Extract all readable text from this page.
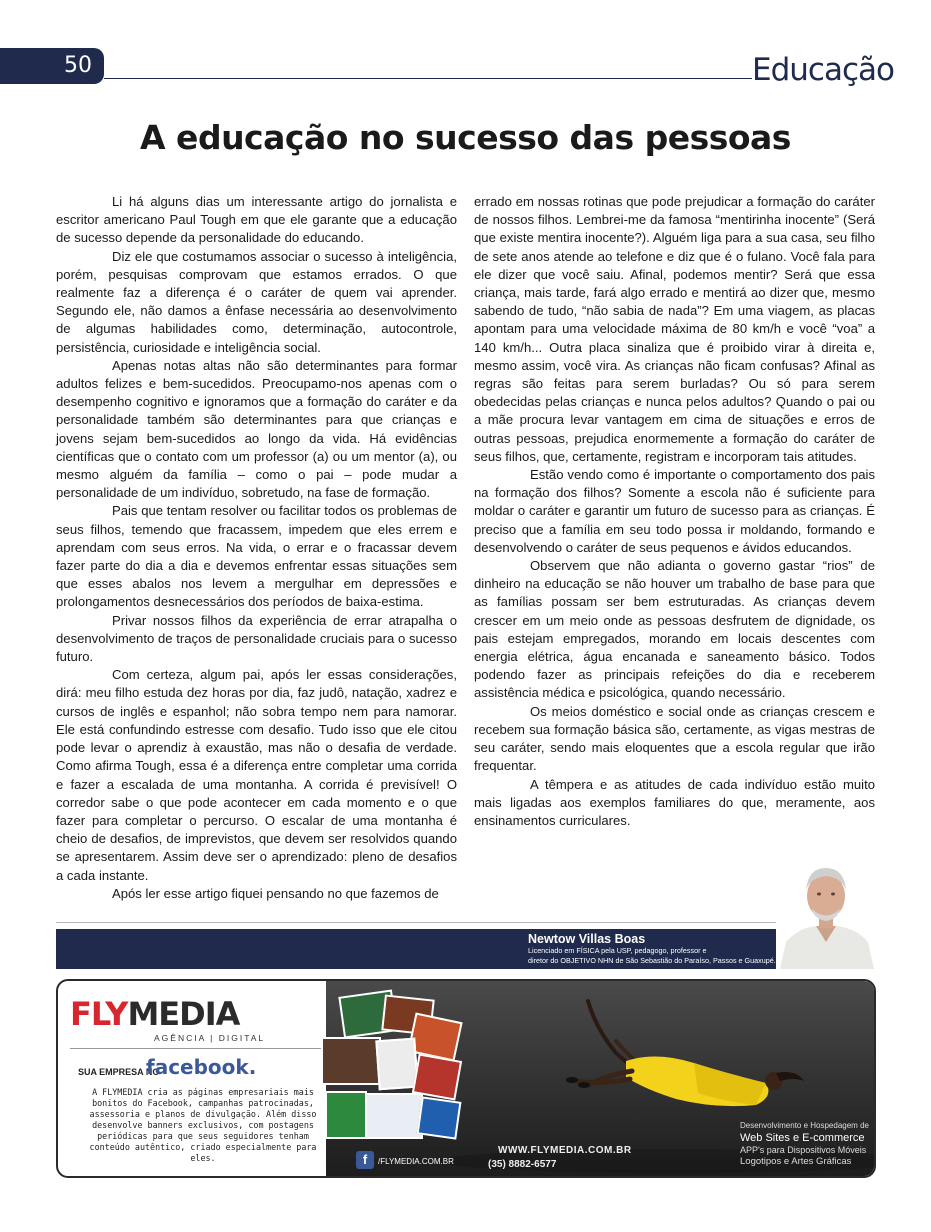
50	Educação
A educação no sucesso das pessoas

Li há alguns dias um interessante artigo do jornalista e escritor americano Paul Tough em que ele garante que a educação de sucesso depende da personalidade do educando.

Diz ele que costumamos associar o sucesso à inteligência, porém, pesquisas comprovam que estamos errados. O que realmente faz a diferença é o caráter de quem vai aprender. Segundo ele, não damos a ênfase necessária ao desenvolvimento de algumas habilidades como, determinação, autocontrole, persistência, curiosidade e inteligência social.

Apenas notas altas não são determinantes para formar adultos felizes e bem-sucedidos. Preocupamo-nos apenas com o desempenho cognitivo e ignoramos que a formação do caráter e da personalidade também são determinantes para que crianças e jovens sejam bem-sucedidos ao longo da vida. Há evidências científicas que o contato com um professor (a) ou um mentor (a), ou mesmo alguém da família – como o pai – pode mudar a personalidade de um indivíduo, sobretudo, na fase de formação.

Pais que tentam resolver ou facilitar todos os problemas de seus filhos, temendo que fracassem, impedem que eles errem e aprendam com seus erros. Na vida, o errar e o fracassar devem fazer parte do dia a dia e devemos enfrentar essas situações sem que esses abalos nos levem a mergulhar em depressões e prolongamentos desnecessários dos períodos de baixa-estima.

Privar nossos filhos da experiência de errar atrapalha o desenvolvimento de traços de personalidade cruciais para o sucesso futuro.

Com certeza, algum pai, após ler essas considerações, dirá: meu filho estuda dez horas por dia, faz judô, natação, xadrez e cursos de inglês e espanhol; não sobra tempo nem para namorar. Ele está confundindo estresse com desafio. Tudo isso que ele citou pode levar o aprendiz à exaustão, mas não o desafia de verdade. Como afirma Tough, essa é a diferença entre completar uma corrida e fazer a escalada de uma montanha. A corrida é previsível! O corredor sabe o que pode acontecer em cada momento e o que fazer para completar o percurso. O escalar de uma montanha é cheio de desafios, de imprevistos, que devem ser resolvidos quando se apresentarem. Assim deve ser o aprendizado: pleno de desafios a cada instante.

Após ler esse artigo fiquei pensando no que fazemos de

errado em nossas rotinas que pode prejudicar a formação do caráter de nossos filhos. Lembrei-me da famosa “mentirinha inocente” (Será que existe mentira inocente?). Alguém liga para a sua casa, seu filho de sete anos atende ao telefone e diz que é o fulano. Você fala para ele dizer que você saiu. Afinal, podemos mentir? Será que essa criança, mais tarde, fará algo errado e mentirá ao dizer que, mesmo sabendo de tudo, “não sabia de nada”? Em uma viagem, as placas apontam para uma velocidade máxima de 80 km/h e você “voa” a 140 km/h... Outra placa sinaliza que é proibido virar à direita e, mesmo assim, você vira. As crianças não ficam confusas? Afinal as regras são feitas para serem burladas? Ou só para serem obedecidas pelas crianças e nunca pelos adultos? Quando o pai ou a mãe procura levar vantagem em cima de situações e erros de outras pessoas, prejudica enormemente a formação do caráter de seus filhos, que, certamente, registram e incorporam tais atitudes.

Estão vendo como é importante o comportamento dos pais na formação dos filhos? Somente a escola não é suficiente para moldar o caráter e garantir um futuro de sucesso para as crianças. É preciso que a família em seu todo possa ir moldando, formando e desenvolvendo o caráter de seus pequenos e ávidos educandos.

Observem que não adianta o governo gastar “rios” de dinheiro na educação se não houver um trabalho de base para que as famílias possam ser bem estruturadas. As crianças devem crescer em um meio onde as pessoas desfrutem de dignidade, os pais estejam empregados, morando em locais descentes com energia elétrica, água encanada e saneamento básico. Todos podendo fazer as principais refeições do dia e receberem assistência médica e psicológica, quando necessário.

Os meios doméstico e social onde as crianças crescem e recebem sua formação básica são, certamente, as vigas mestras de seu caráter, sendo mais eloquentes que a escola regular que irão frequentar.

A têmpera e as atitudes de cada indivíduo estão muito mais ligadas aos exemplos familiares do que, meramente, aos ensinamentos curriculares.

Newtow Villas Boas
Licenciado em FÍSICA pela USP, pedagogo, professor e
diretor do OBJETIVO NHN de São Sebastião do Paraíso, Passos e Guaxupé.
FLYMEDIA
AGÊNCIA | DIGITAL
SUA EMPRESA NO
facebook.
A FLYMEDIA cria as páginas empresariais mais bonitos do Facebook, campanhas patrocinadas, assessoria e planos de divulgação. Além disso desenvolve banners exclusivos, com postagens periódicas para que seus seguidores tenham conteúdo autêntico, criado especialmente para eles.	f	/FLYMEDIA.COM.BR
WWW.FLYMEDIA.COM.BR
(35) 8882-6577
Desenvolvimento e Hospedagem de
Web Sites e E-commerce
APP's para Dispositivos Móveis
Logotipos e Artes Gráficas
